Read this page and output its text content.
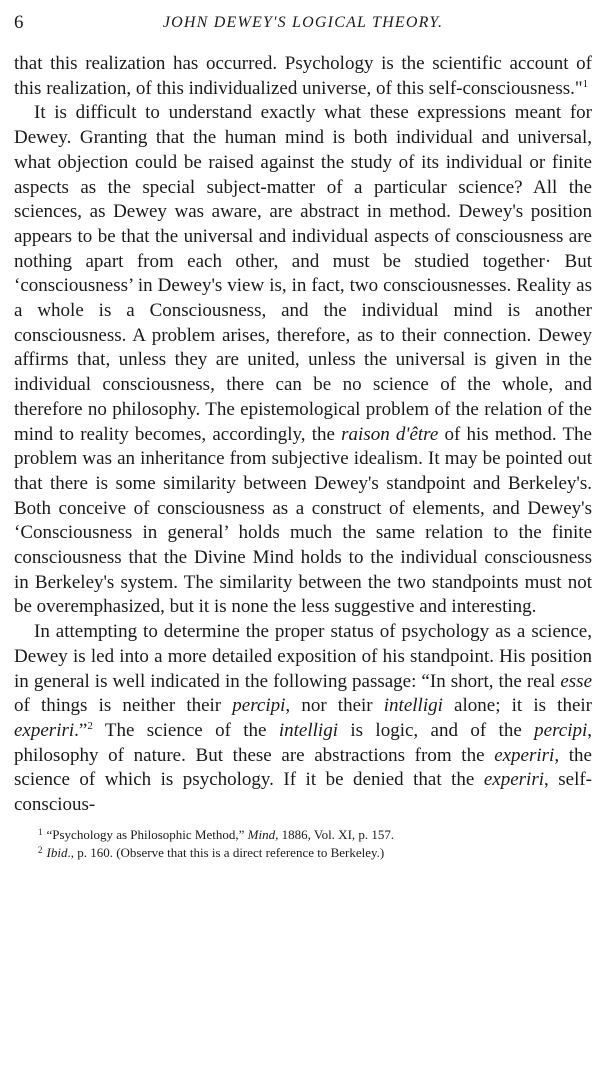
6	JOHN DEWEY'S LOGICAL THEORY.

that this realization has occurred. Psychology is the scientific account of this realization, of this individualized universe, of this self-consciousness."$^1$

It is difficult to understand exactly what these expressions meant for Dewey. Granting that the human mind is both individual and universal, what objection could be raised against the study of its individual or finite aspects as the special subject-matter of a particular science? All the sciences, as Dewey was aware, are abstract in method. Dewey's position appears to be that the universal and individual aspects of consciousness are nothing apart from each other, and must be studied together· But ‘consciousness’ in Dewey's view is, in fact, two consciousnesses. Reality as a whole is a Consciousness, and the individual mind is another consciousness. A problem arises, therefore, as to their connection. Dewey affirms that, unless they are united, unless the universal is given in the individual consciousness, there can be no science of the whole, and therefore no philosophy. The epistemological problem of the relation of the mind to reality becomes, accordingly, the raison d'être of his method. The problem was an inheritance from subjective idealism. It may be pointed out that there is some similarity between Dewey's standpoint and Berkeley's. Both conceive of consciousness as a construct of elements, and Dewey's ‘Consciousness in general’ holds much the same relation to the finite consciousness that the Divine Mind holds to the individual consciousness in Berkeley's system. The similarity between the two standpoints must not be overemphasized, but it is none the less suggestive and interesting.

In attempting to determine the proper status of psychology as a science, Dewey is led into a more detailed exposition of his standpoint. His position in general is well indicated in the following passage: “In short, the real esse of things is neither their percipi, nor their intelligi alone; it is their experiri.”$^2$ The science of the intelligi is logic, and of the percipi, philosophy of nature. But these are abstractions from the experiri, the science of which is psychology. If it be denied that the experiri, self-conscious-

$^1$ “Psychology as Philosophic Method,” Mind, 1886, Vol. XI, p. 157.

$^2$ Ibid., p. 160. (Observe that this is a direct reference to Berkeley.)
